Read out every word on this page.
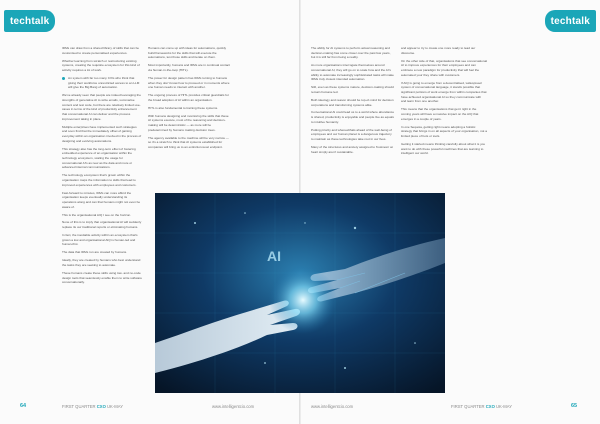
techtalk

IDMs can draw from a shared library of skills that can be customised to create personalised experiences.

Whether learning from scratch or restructuring existing systems, creating the requisite ecosystem for this kind of activity requires a lot of work.

An system with far too many CXIs who think that giving their workforce unrestricted access to an LLM will give the Big Bang of automation.

We've already seen that people are indeed leveraging the strengths of generative AI to write emails, summarise content and test code, but there are relatively limited use-cases in terms of the kind of productivity enhancement that conversational AI can deliver and the process improvement taking in place.

Multiple enterprises have implemented such strategies and soon find that the immediately offset of gaining everyday within an organisation involved in the process of designing and evolving automations.

This strategy also has the long-term effect of fostering embedded experience of an organisation within the technology ecosystem, scaling the usage for conversational AI's as new as the data and more or advanced internal communications.

The technology ecosystem that's grown within the organisation maps the information to skills that lead to improved experiences with employees and customers.

Fast-forward to minutes, IDMs can more afford the organisation keeps eventually understanding its operations along and can that humans might not even be aware of.

This is the organisational AIQ I see on the horizon.

None of this is to imply that organisational AI will suddenly replace its our traditional reports or eliminating humans.

In fact, the inevitable activity within an ecosystem that's grown a low and organisational AIQ is human-led and human-first.

The data that IDMs run are created by humans.

Ideally, they are created by humans who best understand the tasks they are seeking to automate.

These humans create these skills using low- and no-code design tools that seamlessly enable them to write software conversationally.

Humans can come up with ideas for automations, quickly build frameworks for the skills that will execute the automations, test those skills and iterate on them.

Most importantly, humans and IDMs are in continual contact via human-in-the-loop (HITL).

The power for design pattern has IDMs turning to humans when they don't know how to proceed or in moments where one human needs to interact with another.

The ongoing process of HITL provides critical guardrails for the broad adoption of AI within an organisation.

HITL is also fundamental to training these systems.

With humans designing and monitoring the skills that these AI systems execute, most of the reasoning and decision-making will be deterministic — as more will be predetermined by humans making decision trees.

The agency available to the machine will be very narrow — so it's a stretch to think that AI systems established for companies will bring us to an extinction-level endpoint.

64	FIRST QUARTER
CXO
UK-MAY	www.intelligentcio.com
techtalk

The ability for AI systems to perform actual reasoning and decision-making has come closer over the past few years, but it is still far from being a reality.

As more organisations interrogate themselves around conversational AI, they will go on to scale how and the AI's ability to automate increasingly sophisticated tasks will make IDMs truly closest intended automation.

Still, even as these systems mature, decision-making should remain humane led.

Both ideology and reason should be top-of-mind for decision corporations and transforming systems alike.

Conversational AI could lead us to a world where abundance is shared, productivity is enjoyable and people live as equals to intuitive humanity.

Putting priority and wherewithals ahead of the well-being of employees and our human planet is a dangerous trajectory to maintain as these technologies take root in our lives.

Many of the structures and anxiety assigned to 'business' at heart simply aren't sustainable.

and appear to try to create one more ready to lead our discourse.

On the other side of that, organisations that see conversational AI to improve experiences for their employees and can embrace a new paradigm for productivity that will fuel the automated your they share with customers.

If AIQ is going to emerge from a decentralised, widespread system of conversational language, it stands possible that significant portions of work emerge from within companies that have achieved organisational AI so they communicate with and learn from one another.

This means that the organisations that get it right in the coming years will have a massive impact on the AIQ that emerges in a couple of years.

In one Sequoia, getting right means adopting a holistic strategy that brings in on all aspects of your organisation, not a limited piece of bots or tools.

Getting it started means thinking carefully about what it is you want to do with these powerful machines that are learning to intelligent our world.

www.intelligentcio.com	FIRST QUARTER
CXO
UK-MAY	65
AI
